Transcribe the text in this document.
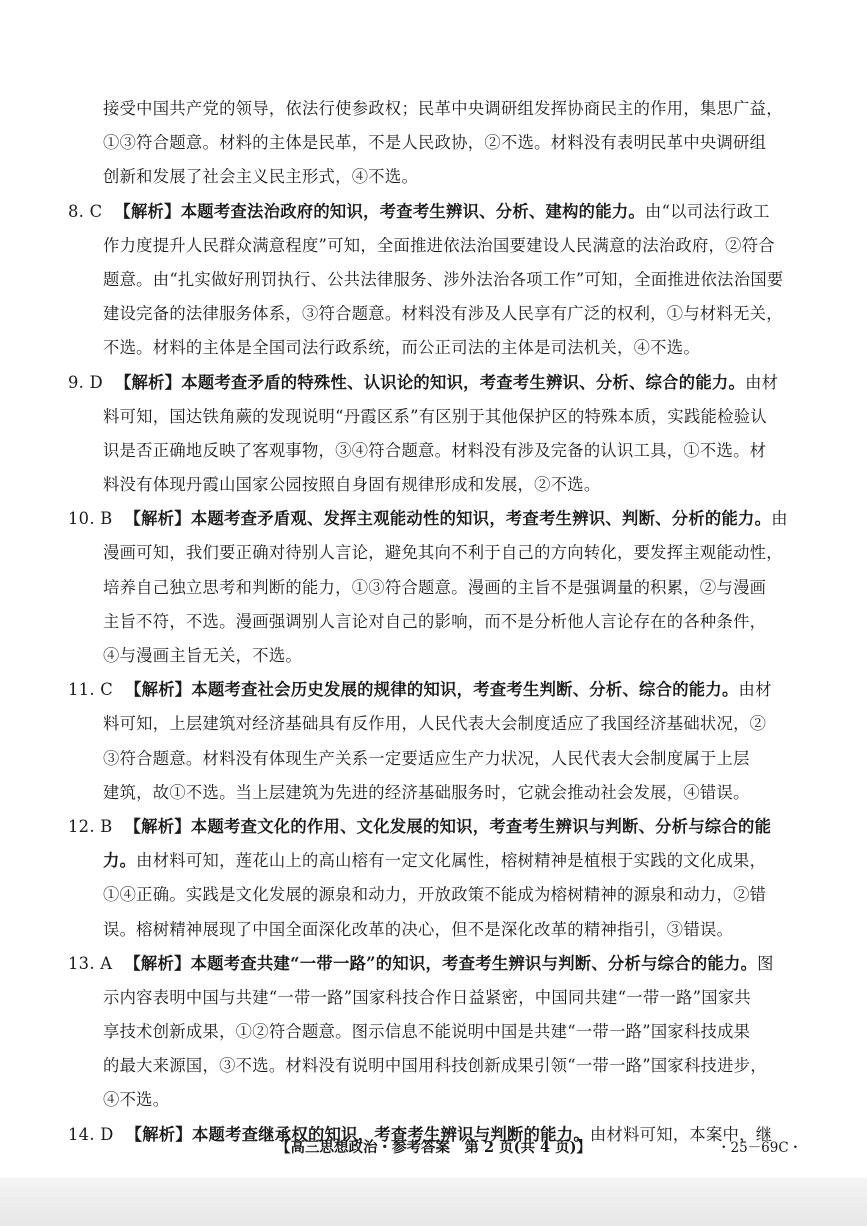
接受中国共产党的领导，依法行使参政权；民革中央调研组发挥协商民主的作用，集思广益，
①③符合题意。材料的主体是民革，不是人民政协，②不选。材料没有表明民革中央调研组
创新和发展了社会主义民主形式，④不选。
8. C 【解析】本题考查法治政府的知识，考查考生辨识、分析、建构的能力。由“以司法行政工
作力度提升人民群众满意程度”可知，全面推进依法治国要建设人民满意的法治政府，②符合
题意。由“扎实做好刑罚执行、公共法律服务、涉外法治各项工作”可知，全面推进依法治国要
建设完备的法律服务体系，③符合题意。材料没有涉及人民享有广泛的权利，①与材料无关，
不选。材料的主体是全国司法行政系统，而公正司法的主体是司法机关，④不选。
9. D 【解析】本题考查矛盾的特殊性、认识论的知识，考查考生辨识、分析、综合的能力。由材
料可知，国达铁角蕨的发现说明“丹霞区系”有区别于其他保护区的特殊本质，实践能检验认
识是否正确地反映了客观事物，③④符合题意。材料没有涉及完备的认识工具，①不选。材
料没有体现丹霞山国家公园按照自身固有规律形成和发展，②不选。
10. B 【解析】本题考查矛盾观、发挥主观能动性的知识，考查考生辨识、判断、分析的能力。由
漫画可知，我们要正确对待别人言论，避免其向不利于自己的方向转化，要发挥主观能动性，
培养自己独立思考和判断的能力，①③符合题意。漫画的主旨不是强调量的积累，②与漫画
主旨不符，不选。漫画强调别人言论对自己的影响，而不是分析他人言论存在的各种条件，
④与漫画主旨无关，不选。
11. C 【解析】本题考查社会历史发展的规律的知识，考查考生判断、分析、综合的能力。由材
料可知，上层建筑对经济基础具有反作用，人民代表大会制度适应了我国经济基础状况，②
③符合题意。材料没有体现生产关系一定要适应生产力状况，人民代表大会制度属于上层
建筑，故①不选。当上层建筑为先进的经济基础服务时，它就会推动社会发展，④错误。
12. B 【解析】本题考查文化的作用、文化发展的知识，考查考生辨识与判断、分析与综合的能
力。由材料可知，莲花山上的高山榕有一定文化属性，榕树精神是植根于实践的文化成果，
①④正确。实践是文化发展的源泉和动力，开放政策不能成为榕树精神的源泉和动力，②错
误。榕树精神展现了中国全面深化改革的决心，但不是深化改革的精神指引，③错误。
13. A 【解析】本题考查共建“一带一路”的知识，考查考生辨识与判断、分析与综合的能力。图
示内容表明中国与共建“一带一路”国家科技合作日益紧密，中国同共建“一带一路”国家共
享技术创新成果，①②符合题意。图示信息不能说明中国是共建“一带一路”国家科技成果
的最大来源国，③不选。材料没有说明中国用科技创新成果引领“一带一路”国家科技进步，
④不选。
14. D 【解析】本题考查继承权的知识，考查考生辨识与判断的能力。由材料可知，本案中，继
【高三思想政治・参考答案　第 2 页(共 4 页)】	・25－69C・
